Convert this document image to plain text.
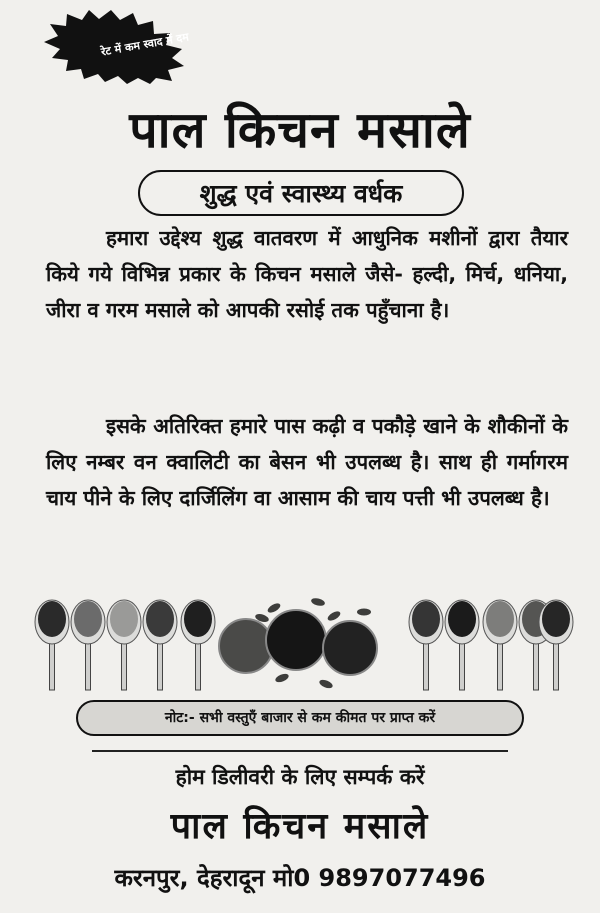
रेट में कम स्वाद में दम
पाल किचन मसाले
शुद्ध एवं स्वास्थ्य वर्धक
हमारा उद्देश्य शुद्ध वातवरण में आधुनिक मशीनों द्वारा तैयार किये गये विभिन्न प्रकार के किचन मसाले जैसे- हल्दी, मिर्च, धनिया, जीरा व गरम मसाले को आपकी रसोई तक पहुँचाना है।
इसके अतिरिक्त हमारे पास कढ़ी व पकौड़े खाने के शौकीनों के लिए नम्बर वन क्वालिटी का बेसन भी उपलब्ध है। साथ ही गर्मागरम चाय पीने के लिए दार्जिलिंग वा आसाम की चाय पत्ती भी उपलब्ध है।
नोट:- सभी वस्तुएँ बाजार से कम कीमत पर प्राप्त करें
होम डिलीवरी के लिए सम्पर्क करें
पाल किचन मसाले
करनपुर, देहरादून मो0 9897077496
